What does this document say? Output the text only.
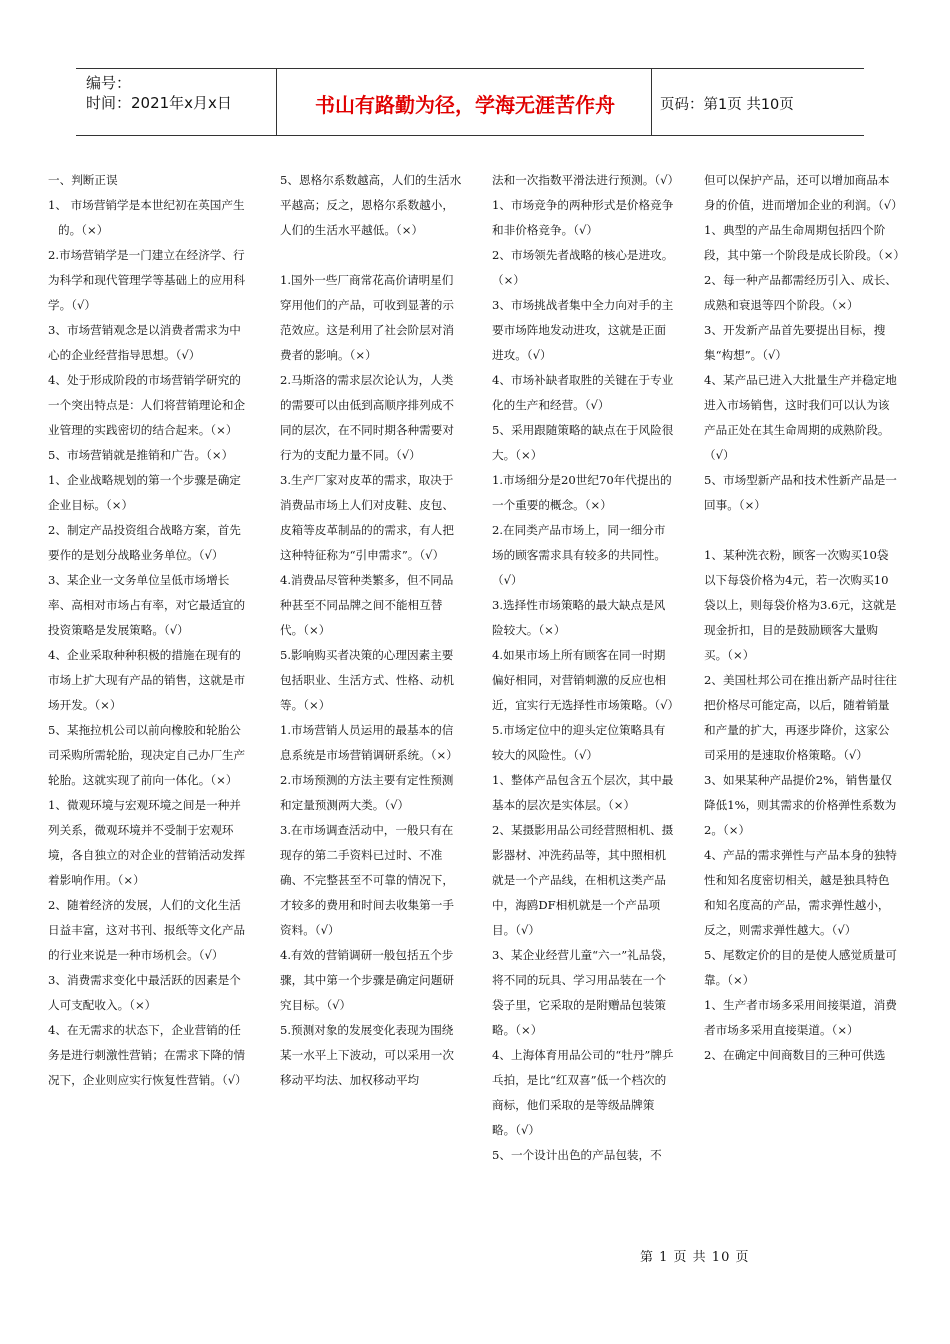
编号：
时间：2021年x月x日	书山有路勤为径，学海无涯苦作舟	页码：第1页 共10页

一、判断正误

1、 市场营销学是本世纪初在英国产生的。（×）

2.市场营销学是一门建立在经济学、行为科学和现代管理学等基础上的应用科学。（√）

3、市场营销观念是以消费者需求为中心的企业经营指导思想。（√）

4、处于形成阶段的市场营销学研究的一个突出特点是：人们将营销理论和企业管理的实践密切的结合起来。（×）

5、市场营销就是推销和广告。（×）

1、企业战略规划的第一个步骤是确定企业目标。（×）

2、制定产品投资组合战略方案，首先要作的是划分战略业务单位。（√）

3、某企业一文务单位呈低市场增长率、高相对市场占有率，对它最适宜的投资策略是发展策略。（√）

4、企业采取种种积极的措施在现有的市场上扩大现有产品的销售，这就是市场开发。（×）

5、某拖拉机公司以前向橡胶和轮胎公司采购所需轮胎，现决定自己办厂生产轮胎。这就实现了前向一体化。（×）

1、微观环境与宏观环境之间是一种并列关系，微观环境并不受制于宏观环境，各自独立的对企业的营销活动发挥着影响作用。（×）

2、随着经济的发展，人们的文化生活日益丰富，这对书刊、报纸等文化产品的行业来说是一种市场机会。（√）

3、消费需求变化中最活跃的因素是个人可支配收入。（×）

4、在无需求的状态下，企业营销的任务是进行刺激性营销；在需求下降的情况下，企业则应实行恢复性营销。（√）

5、恩格尔系数越高，人们的生活水平越高；反之，恩格尔系数越小，人们的生活水平越低。（×）

1.国外一些厂商常花高价请明星们穿用他们的产品，可收到显著的示范效应。这是利用了社会阶层对消费者的影响。（×）

2.马斯洛的需求层次论认为，人类的需要可以由低到高顺序排列成不同的层次，在不同时期各种需要对行为的支配力量不同。（√）

3.生产厂家对皮革的需求，取决于消费品市场上人们对皮鞋、皮包、皮箱等皮革制品的的需求，有人把这种特征称为“引申需求”。（√）

4.消费品尽管种类繁多，但不同品种甚至不同品牌之间不能相互替代。（×）

5.影响购买者决策的心理因素主要包括职业、生活方式、性格、动机等。（×）

1.市场营销人员运用的最基本的信息系统是市场营销调研系统。（×）

2.市场预测的方法主要有定性预测和定量预测两大类。（√）

3.在市场调查活动中，一般只有在现存的第二手资料已过时、不准确、不完整甚至不可靠的情况下，才较多的费用和时间去收集第一手资料。（√）

4.有效的营销调研一般包括五个步骤，其中第一个步骤是确定问题研究目标。（√）

5.预测对象的发展变化表现为围绕某一水平上下波动，可以采用一次移动平均法、加权移动平均

法和一次指数平滑法进行预测。（√）

1、市场竞争的两种形式是价格竞争和非价格竞争。（√）

2、市场领先者战略的核心是进攻。（×）

3、市场挑战者集中全力向对手的主要市场阵地发动进攻，这就是正面进攻。（√）

4、市场补缺者取胜的关键在于专业化的生产和经营。（√）

5、采用跟随策略的缺点在于风险很大。（×）

1.市场细分是20世纪70年代提出的一个重要的概念。（×）

2.在同类产品市场上，同一细分市场的顾客需求具有较多的共同性。（√）

3.选择性市场策略的最大缺点是风险较大。（×）

4.如果市场上所有顾客在同一时期偏好相同，对营销刺激的反应也相近，宜实行无选择性市场策略。（√）

5.市场定位中的迎头定位策略具有较大的风险性。（√）

1、整体产品包含五个层次，其中最基本的层次是实体层。（×）

2、某摄影用品公司经营照相机、摄影器材、冲洗药品等，其中照相机就是一个产品线，在相机这类产品中，海鸥DF相机就是一个产品项目。（√）

3、某企业经营儿童“六一”礼品袋，将不同的玩具、学习用品装在一个袋子里，它采取的是附赠品包装策略。（×）

4、上海体育用品公司的“牡丹”牌乒乓拍，是比“红双喜”低一个档次的商标，他们采取的是等级品牌策略。（√）

5、一个设计出色的产品包装，不

但可以保护产品，还可以增加商品本身的价值，进而增加企业的利润。（√）

1、典型的产品生命周期包括四个阶段，其中第一个阶段是成长阶段。（×）

2、每一种产品都需经历引入、成长、成熟和衰退等四个阶段。（×）

3、开发新产品首先要提出目标，搜集“构想”。（√）

4、某产品已进入大批量生产并稳定地进入市场销售，这时我们可以认为该产品正处在其生命周期的成熟阶段。（√）

5、市场型新产品和技术性新产品是一回事。（×）

1、某种洗衣粉，顾客一次购买10袋以下每袋价格为4元，若一次购买10袋以上，则每袋价格为3.6元，这就是现金折扣，目的是鼓励顾客大量购买。（×）

2、美国杜邦公司在推出新产品时往往把价格尽可能定高，以后，随着销量和产量的扩大，再逐步降价，这家公司采用的是速取价格策略。（√）

3、如果某种产品提价2%，销售量仅降低1%，则其需求的价格弹性系数为2。（×）

4、产品的需求弹性与产品本身的独特性和知名度密切相关，越是独具特色和知名度高的产品，需求弹性越小，反之，则需求弹性越大。（√）

5、尾数定价的目的是使人感觉质量可靠。（×）

1、生产者市场多采用间接渠道，消费者市场多采用直接渠道。（×）

2、在确定中间商数目的三种可供选

第 1 页 共 10 页
